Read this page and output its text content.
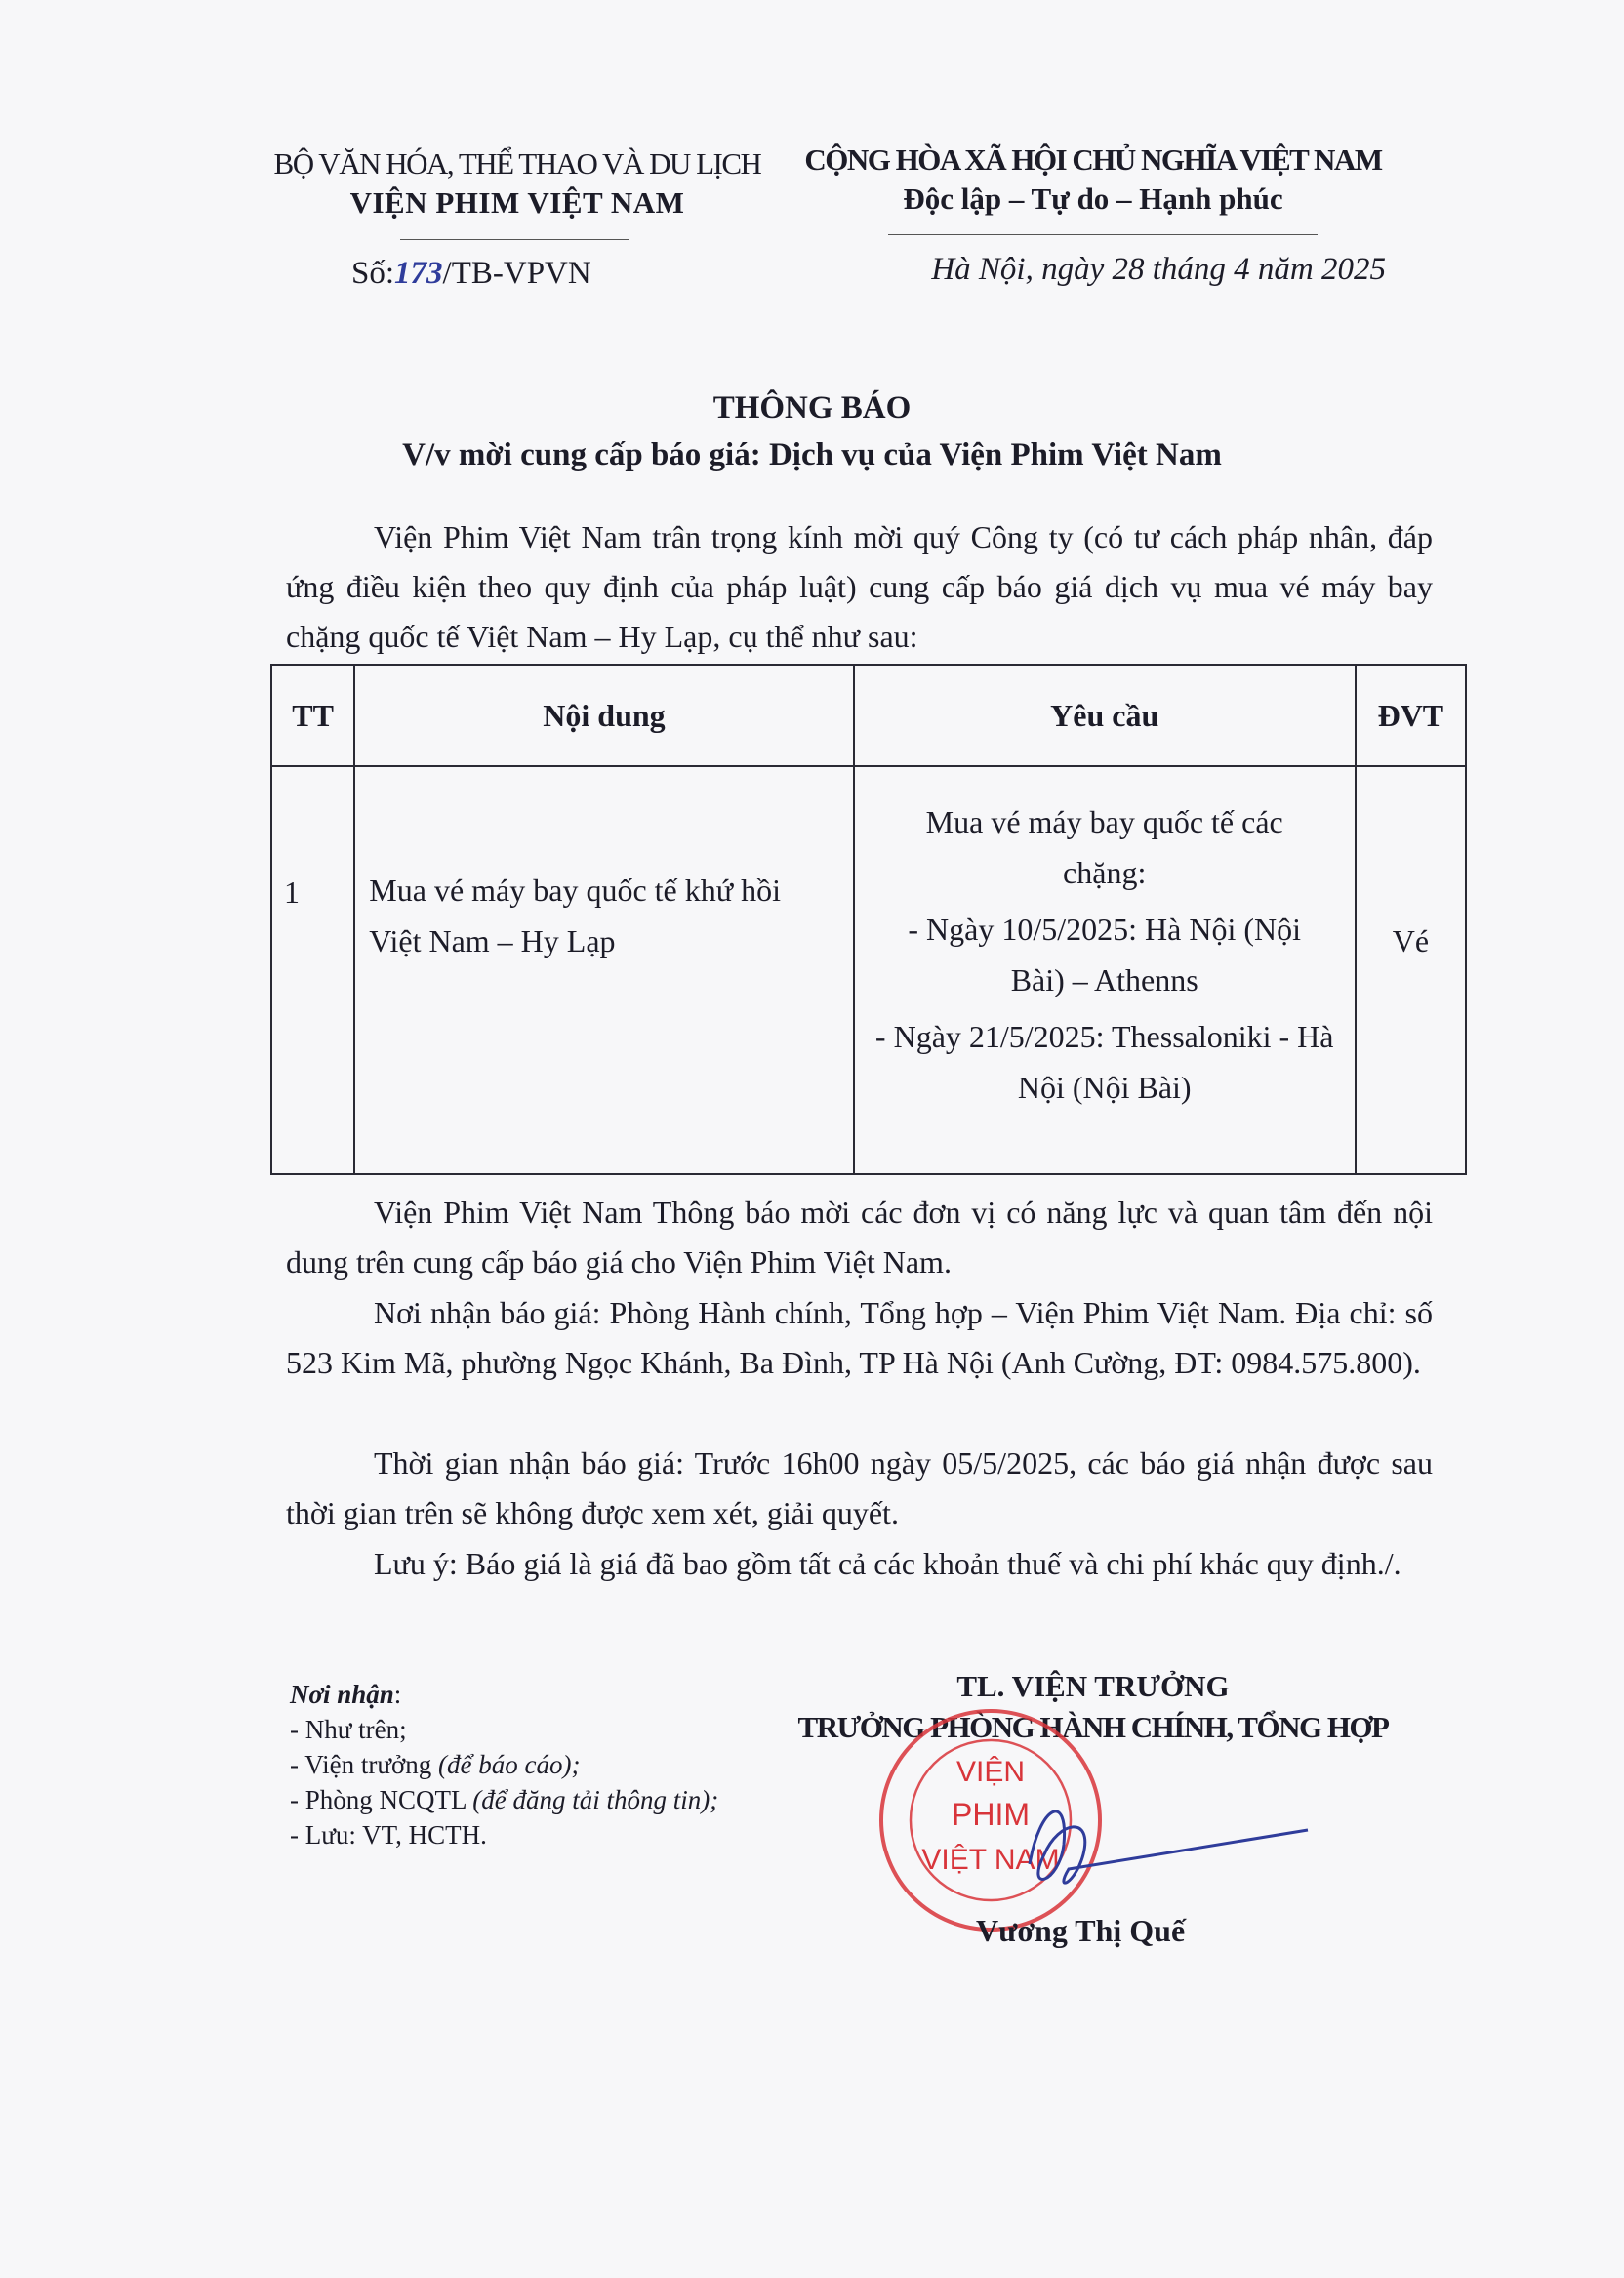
BỘ VĂN HÓA, THỂ THAO VÀ DU LỊCH
VIỆN PHIM VIỆT NAM
CỘNG HÒA XÃ HỘI CHỦ NGHĨA VIỆT NAM
Độc lập – Tự do – Hạnh phúc
Số:173/TB-VPVN	Hà Nội, ngày 28 tháng 4 năm 2025
THÔNG BÁO
V/v mời cung cấp báo giá: Dịch vụ của Viện Phim Việt Nam
Viện Phim Việt Nam trân trọng kính mời quý Công ty (có tư cách pháp nhân, đáp ứng điều kiện theo quy định của pháp luật) cung cấp báo giá dịch vụ mua vé máy bay chặng quốc tế Việt Nam – Hy Lạp, cụ thể như sau:
TT	Nội dung	Yêu cầu	ĐVT
1	Mua vé máy bay quốc tế khứ hồi Việt Nam – Hy Lạp	Mua vé máy bay quốc tế các chặng:
- Ngày 10/5/2025: Hà Nội (Nội Bài) – Athenns
- Ngày 21/5/2025: Thessaloniki - Hà Nội (Nội Bài)	Vé
Viện Phim Việt Nam Thông báo mời các đơn vị có năng lực và quan tâm đến nội dung trên cung cấp báo giá cho Viện Phim Việt Nam.
Nơi nhận báo giá: Phòng Hành chính, Tổng hợp – Viện Phim Việt Nam. Địa chỉ: số 523 Kim Mã, phường Ngọc Khánh, Ba Đình, TP Hà Nội (Anh Cường, ĐT: 0984.575.800).
Thời gian nhận báo giá: Trước 16h00 ngày 05/5/2025, các báo giá nhận được sau thời gian trên sẽ không được xem xét, giải quyết.
Lưu ý: Báo giá là giá đã bao gồm tất cả các khoản thuế và chi phí khác quy định./.
Nơi nhận:
- Như trên;
- Viện trưởng (để báo cáo);
- Phòng NCQTL (để đăng tải thông tin);
- Lưu: VT, HCTH.
TL. VIỆN TRƯỞNG
TRƯỞNG PHÒNG HÀNH CHÍNH, TỔNG HỢP
VIỆN
PHIM
VIỆT NAM
Vương Thị Quế
